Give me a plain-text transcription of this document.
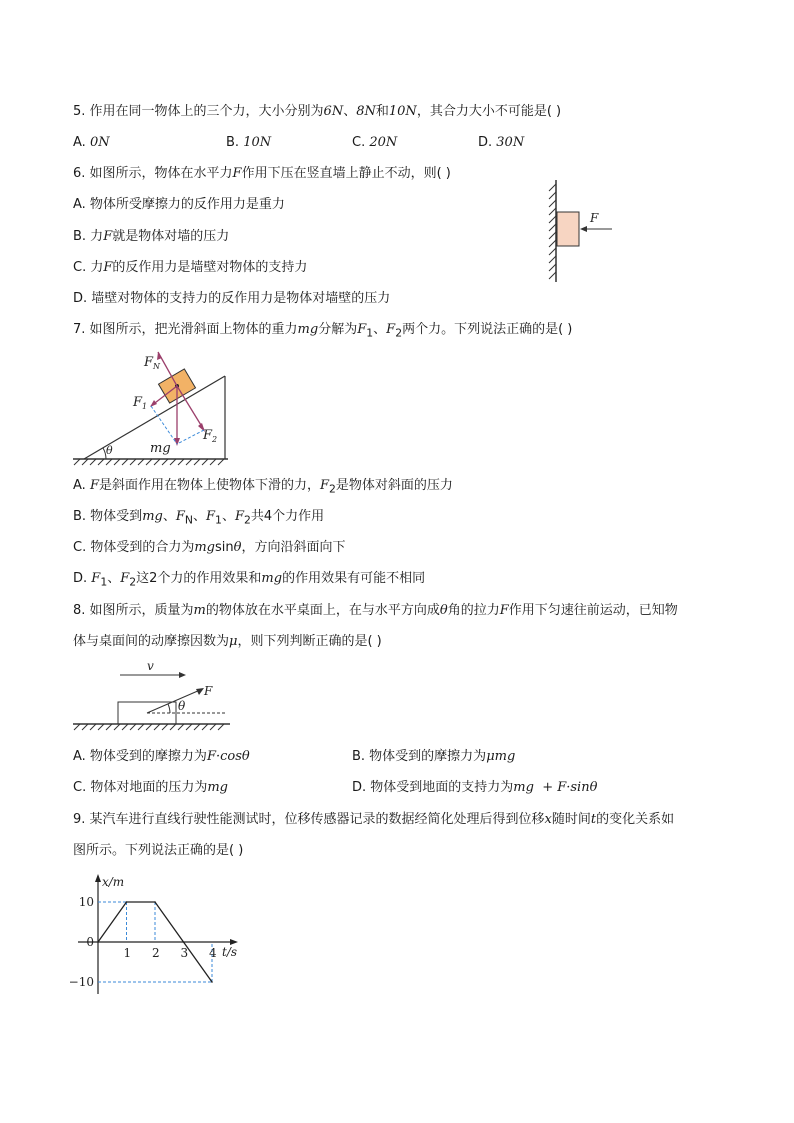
5. 作用在同一物体上的三个力，大小分别为6N、8N和10N，其合力大小不可能是( )
A. 0N	B. 10N	C. 20N	D. 30N
6. 如图所示，物体在水平力F作用下压在竖直墙上静止不动，则( )
A. 物体所受摩擦力的反作用力是重力
B. 力F就是物体对墙的压力
C. 力F的反作用力是墙壁对物体的支持力
D. 墙壁对物体的支持力的反作用力是物体对墙壁的压力
F
7. 如图所示，把光滑斜面上物体的重力mg分解为$F_1$、$F_2$两个力。下列说法正确的是( )
θ
$F_N$
$F_1$
$F_2$
mg
A. F是斜面作用在物体上使物体下滑的力，$F_2$是物体对斜面的压力
B. 物体受到mg、$F_N$、$F_1$、$F_2$共4个力作用
C. 物体受到的合力为mgsinθ，方向沿斜面向下
D. $F_1$、$F_2$这2个力的作用效果和mg的作用效果有可能不相同
8. 如图所示，质量为m的物体放在水平桌面上，在与水平方向成θ角的拉力F作用下匀速往前运动，已知物
体与桌面间的动摩擦因数为μ，则下列判断正确的是( )
v
θ
F
A. 物体受到的摩擦力为F·cosθ	B. 物体受到的摩擦力为μmg
C. 物体对地面的压力为mg	D. 物体受到地面的支持力为mg  + F·sinθ
9. 某汽车进行直线行驶性能测试时，位移传感器记录的数据经简化处理后得到位移x随时间t的变化关系如
图所示。下列说法正确的是( )
x/m
t/s
1 2 3 4
10
0
−10
